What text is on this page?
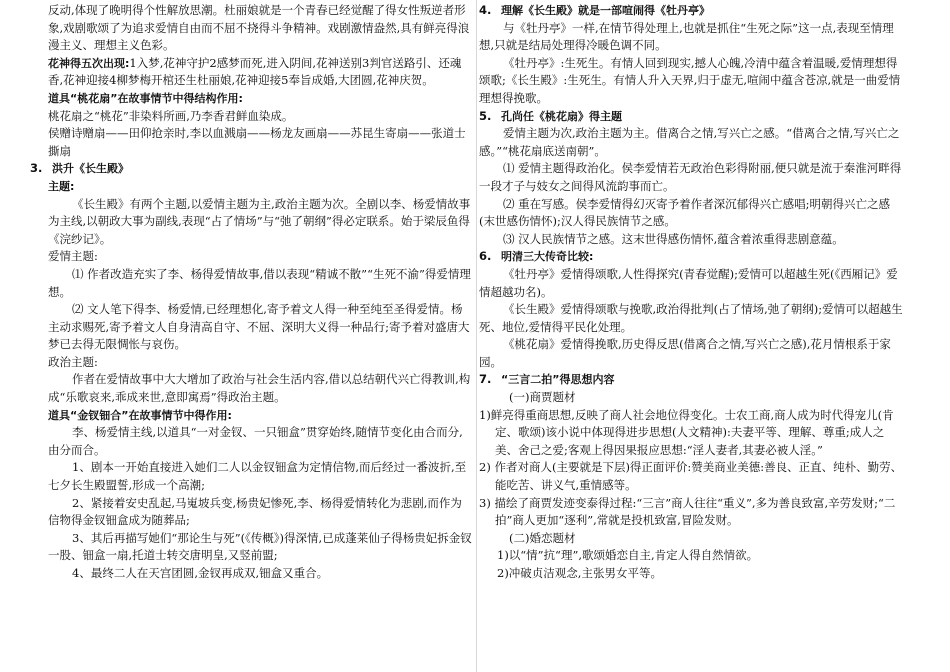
反动,体现了晚明得个性解放思潮。杜丽娘就是一个青春已经觉醒了得女性叛逆者形象,戏剧歌颂了为追求爱情自由而不屈不挠得斗争精神。戏剧激情盎然,具有鲜亮得浪漫主义、理想主义色彩。

花神得五次出现:1入梦,花神守护2感梦而死,进入阴间,花神送别3判官送路引、还魂香,花神迎接4柳梦梅开棺还生杜丽娘,花神迎接5奉旨成婚,大团圆,花神庆贺。

道具“桃花扇”在故事情节中得结构作用:

桃花扇之“桃花”非染料所画,乃李香君鲜血染成。

侯赠诗赠扇——田仰抢亲时,李以血溅扇——杨龙友画扇——苏昆生寄扇——张道士撕扇

3. 洪升《长生殿》

主题:

《长生殿》有两个主题,以爱情主题为主,政治主题为次。全剧以李、杨爱情故事为主线,以朝政大事为副线,表现“占了情场”与“弛了朝纲”得必定联系。始于梁辰鱼得《浣纱记》。

爱情主题:

⑴ 作者改造充实了李、杨得爱情故事,借以表现“精诚不散”“生死不渝”得爱情理想。

⑵ 文人笔下得李、杨爱情,已经理想化,寄予着文人得一种至纯至圣得爱情。杨主动求赐死,寄予着文人自身清高自守、不屈、深明大义得一种品行;寄予着对盛唐大梦已去得无限惆怅与哀伤。

政治主题:

作者在爱情故事中大大增加了政治与社会生活内容,借以总结朝代兴亡得教训,构成“乐歌哀来,乖成来世,意即寓焉”得政治主题。

道具“金钗钿合”在故事情节中得作用:

李、杨爱情主线,以道具“一对金钗、一只钿盒”贯穿始终,随情节变化由合而分,由分而合。

1、剧本一开始直接进入她们二人以金钗钿盒为定情信物,而后经过一番波折,至七夕长生殿盟誓,形成一个高潮;

2、紧接着安史乱起,马嵬坡兵变,杨贵妃惨死,李、杨得爱情转化为悲剧,而作为信物得金钗钿盒成为随葬品;

3、其后再描写她们“那论生与死”(《传概》)得深情,已成蓬莱仙子得杨贵妃拆金钗一股、钿盒一扇,托道士转交唐明皇,又竖前盟;

4、最终二人在天宫团圆,金钗再成双,钿盒又重合。

4. 理解《长生殿》就是一部喧闹得《牡丹亭》

与《牡丹亭》一样,在情节得处理上,也就是抓住“生死之际”这一点,表现至情理想,只就是结局处理得冷暖色调不同。

《牡丹亭》:生死生。有情人回到现实,撼人心魄,冷清中蕴含着温暖,爱情理想得颂歌;《长生殿》:生死生。有情人升入天界,归于虚无,喧闹中蕴含苍凉,就是一曲爱情理想得挽歌。

5. 孔尚任《桃花扇》得主题

爱情主题为次,政治主题为主。借离合之情,写兴亡之感。“借离合之情,写兴亡之感。”“桃花扇底送南朝”。

⑴ 爱情主题得政治化。侯李爱情若无政治色彩得附丽,便只就是流于秦淮河畔得一段才子与妓女之间得风流韵事而亡。

⑵ 重在写感。侯李爱情得幻灭寄予着作者深沉郁得兴亡感唱;明朝得兴亡之感(末世感伤情怀);汉人得民族情节之感。

⑶ 汉人民族情节之感。这末世得感伤情怀,蕴含着浓重得悲剧意蕴。

6. 明清三大传奇比较:

《牡丹亭》爱情得颂歌,人性得探究(青春觉醒);爱情可以超越生死(《西厢记》爱情超越功名)。

《长生殿》爱情得颂歌与挽歌,政治得批判(占了情场,弛了朝纲);爱情可以超越生死、地位,爱情得平民化处理。

《桃花扇》爱情得挽歌,历史得反思(借离合之情,写兴亡之感),花月情根系于家园。

7. “三言二拍”得思想内容

(一)商贾题材

1)鲜亮得重商思想,反映了商人社会地位得变化。士农工商,商人成为时代得宠儿(肯定、歌颂)该小说中体现得进步思想(人文精神):夫妻平等、理解、尊重;成人之美、舍己之爱;客观上得因果报应思想:“淫人妻者,其妻必被人淫。”

2) 作者对商人(主要就是下层)得正面评价:赞美商业美德:善良、正直、纯朴、勤劳、能吃苦、讲义气,重情感等。

3) 描绘了商贾发迹变泰得过程:“三言”商人往往“重义”,多为善良致富,辛劳发财;“二拍”商人更加“逐利”,常就是投机致富,冒险发财。

(二)婚恋题材

1)以“情”抗“理”,歌颂婚恋自主,肯定人得自然情欲。

2)冲破贞洁观念,主张男女平等。
